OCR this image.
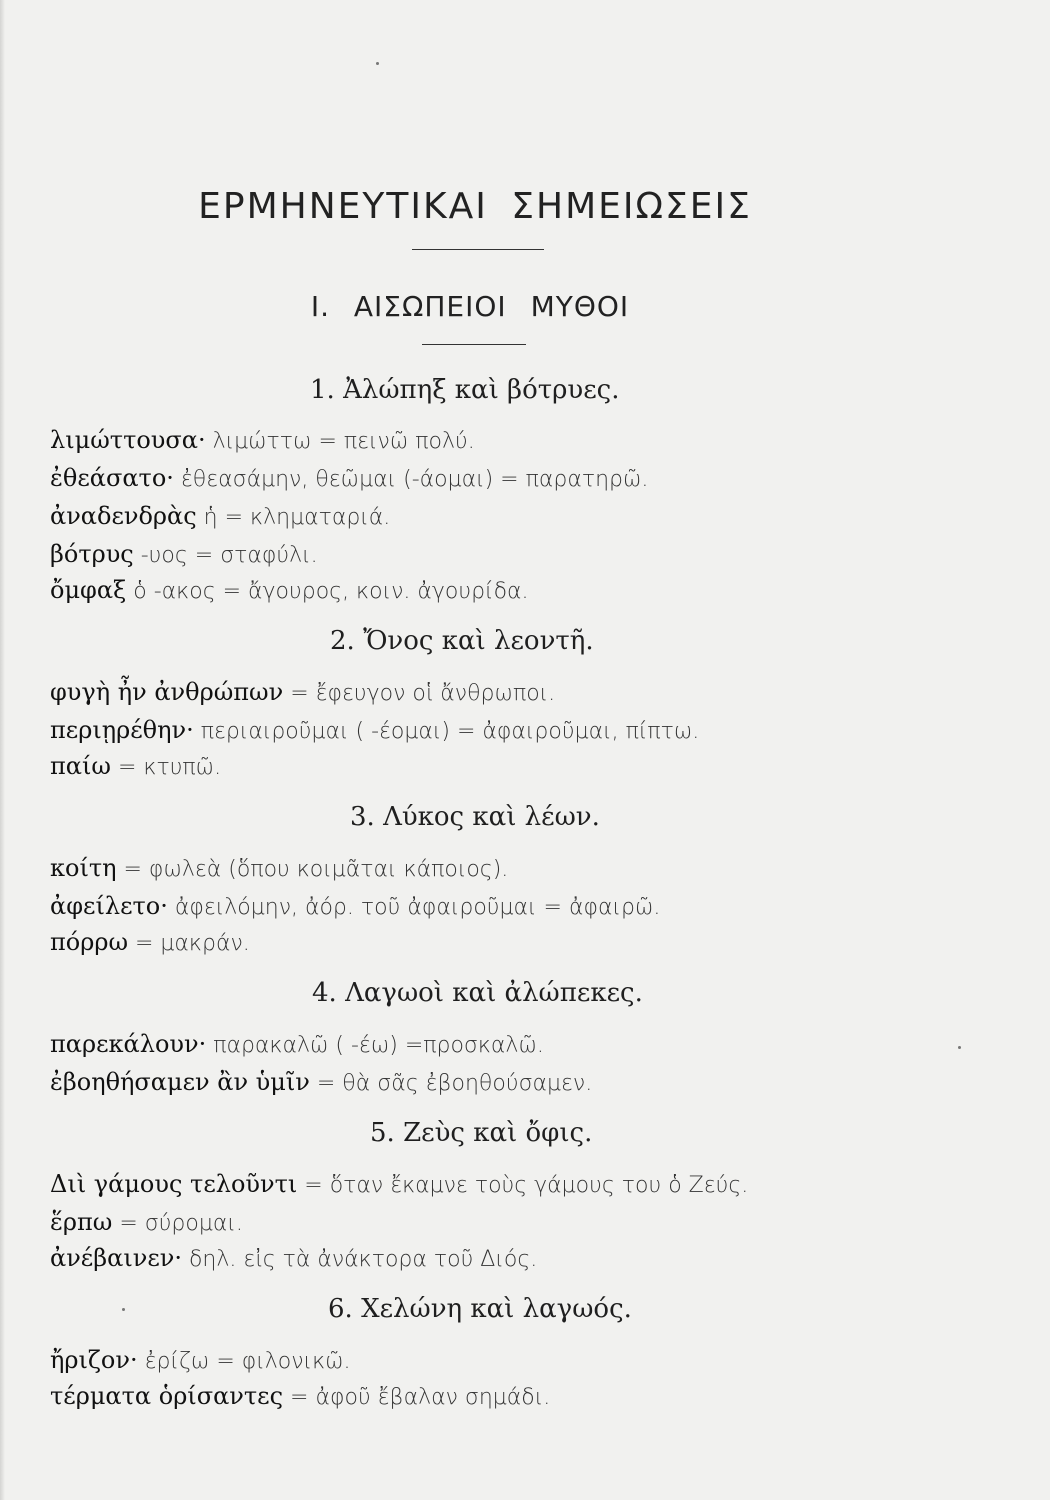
ΕΡΜΗΝΕΥΤΙΚΑΙ ΣΗΜΕΙΩΣΕΙΣ
I. ΑΙΣΩΠΕΙΟΙ ΜΥΘΟΙ
1. Ἀλώπηξ καὶ βότρυες.
λιμώττουσα· λιμώττω = πεινῶ πολύ.
ἐθεάσατο· ἐθεασάμην, θεῶμαι (-άομαι) = παρατηρῶ.
ἀναδενδρὰς ἡ = κληματαριά.
βότρυς -υος = σταφύλι.
ὄμφαξ ὁ -ακος = ἄγουρος, κοιν. ἀγουρίδα.
2. Ὄνος καὶ λεοντῆ.
φυγὴ ἦν ἀνθρώπων = ἔφευγον οἱ ἄνθρωποι.
περιῃρέθην· περιαιροῦμαι ( -έομαι) = ἀφαιροῦμαι, πίπτω.
παίω = κτυπῶ.
3. Λύκος καὶ λέων.
κοίτη = φωλεὰ (ὅπου κοιμᾶται κάποιος).
ἀφείλετο· ἀφειλόμην, ἀόρ. τοῦ ἀφαιροῦμαι = ἀφαιρῶ.
πόρρω = μακράν.
4. Λαγωοὶ καὶ ἀλώπεκες.
παρεκάλουν· παρακαλῶ ( -έω) =προσκαλῶ.
ἐβοηθήσαμεν ἂν ὑμῖν = θὰ σᾶς ἐβοηθούσαμεν.
5. Ζεὺς καὶ ὄφις.
Διὶ γάμους τελοῦντι = ὅταν ἔκαμνε τοὺς γάμους του ὁ Ζεύς.
ἕρπω = σύρομαι.
ἀνέβαινεν· δηλ. εἰς τὰ ἀνάκτορα τοῦ Διός.
6. Χελώνη καὶ λαγωός.
ἤριζον· ἐρίζω = φιλονικῶ.
τέρματα ὁρίσαντες = ἀφοῦ ἔβαλαν σημάδι.
